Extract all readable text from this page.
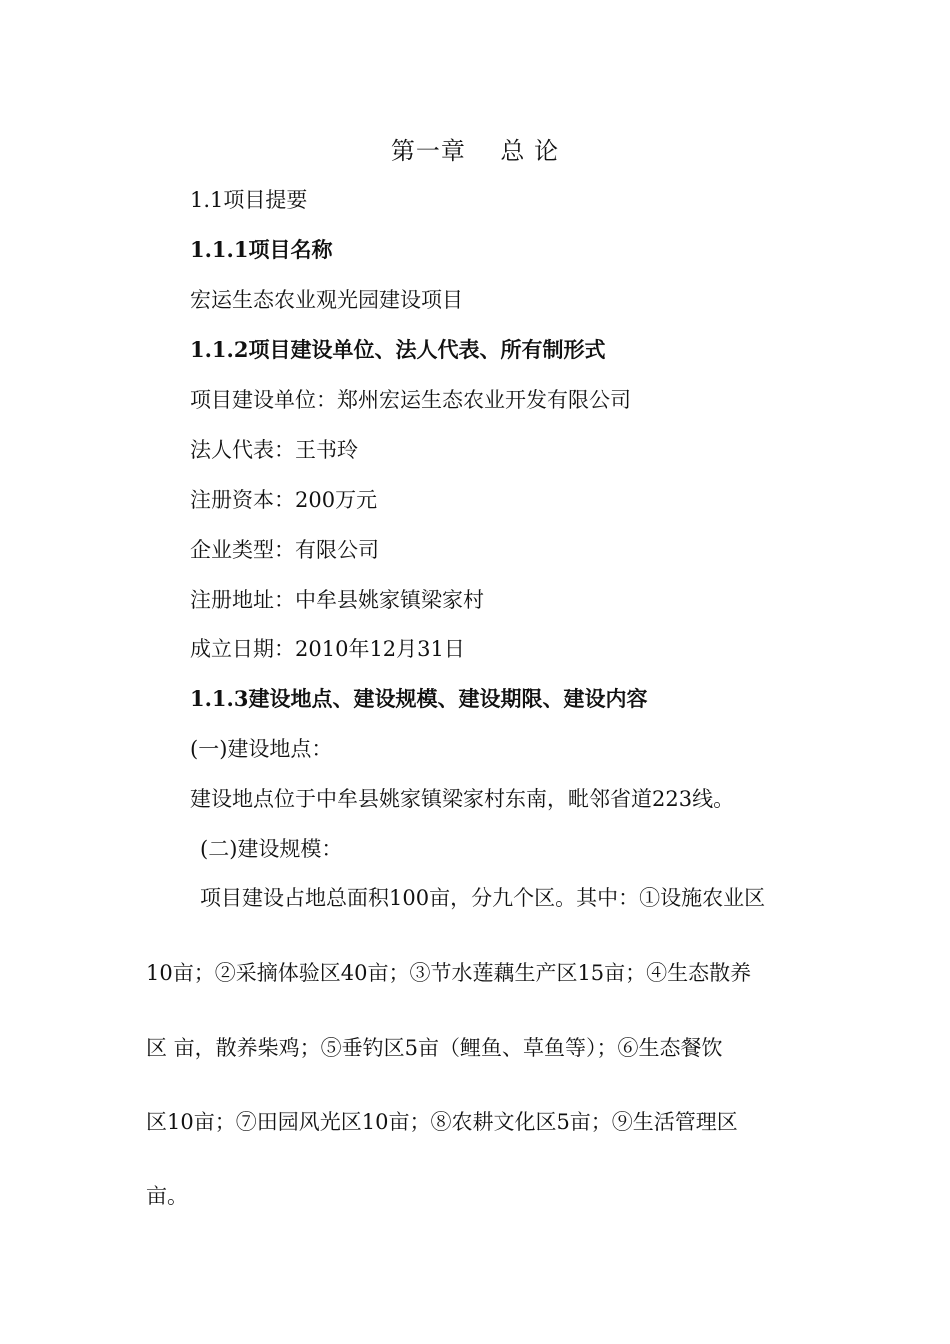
第一章    总 论
1.1项目提要
1.1.1项目名称
宏运生态农业观光园建设项目
1.1.2项目建设单位、法人代表、所有制形式
项目建设单位：郑州宏运生态农业开发有限公司
法人代表：王书玲
注册资本：200万元
企业类型：有限公司
注册地址：中牟县姚家镇梁家村
成立日期：2010年12月31日
1.1.3建设地点、建设规模、建设期限、建设内容
(一)建设地点：
建设地点位于中牟县姚家镇梁家村东南，毗邻省道223线。
(二)建设规模：
项目建设占地总面积100亩，分九个区。其中：①设施农业区
10亩；②采摘体验区40亩；③节水莲藕生产区15亩；④生态散养
区 亩，散养柴鸡；⑤垂钓区5亩（鲤鱼、草鱼等）；⑥生态餐饮
区10亩；⑦田园风光区10亩；⑧农耕文化区5亩；⑨生活管理区
亩。
